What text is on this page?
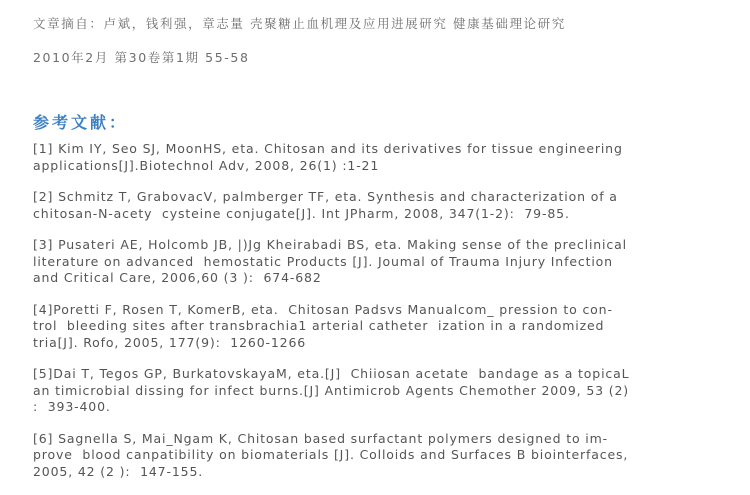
文章摘自：卢斌，钱利强，章志量 壳聚糖止血机理及应用进展研究 健康基础理论研究
2010年2月 第30卷第1期 55-58
参考文献：
[1] Kim IY, Seo SJ, MoonHS, eta. Chitosan and its derivatives for tissue engineering
applications[J].Biotechnol Adv, 2008, 26(1) :1-21
[2] Schmitz T, GrabovacV, palmberger TF, eta. Synthesis and characterization of a
chitosan-N-acety  cysteine conjugate[J]. Int JPharm, 2008, 347(1-2):  79-85.
[3] Pusateri AE, Holcomb JB, |)Jg Kheirabadi BS, eta. Making sense of the preclinical
literature on advanced  hemostatic Products [J]. Joumal of Trauma Injury Infection
and Critical Care, 2006,60 (3 ):  674-682
[4]Poretti F, Rosen T, KomerB, eta.  Chitosan Padsvs Manualcom_ pression to con-
trol  bleeding sites after transbrachia1 arterial catheter  ization in a randomized
tria[J]. Rofo, 2005, 177(9):  1260-1266
[5]Dai T, Tegos GP, BurkatovskayaM, eta.[J]  Chiiosan acetate  bandage as a topicaL
an timicrobial dissing for infect burns.[J] Antimicrob Agents Chemother 2009, 53 (2)
:  393-400.
[6] Sagnella S, Mai_Ngam K, Chitosan based surfactant polymers designed to im-
prove  blood canpatibility on biomaterials [J]. Colloids and Surfaces B biointerfaces,
2005, 42 (2 ):  147-155.
